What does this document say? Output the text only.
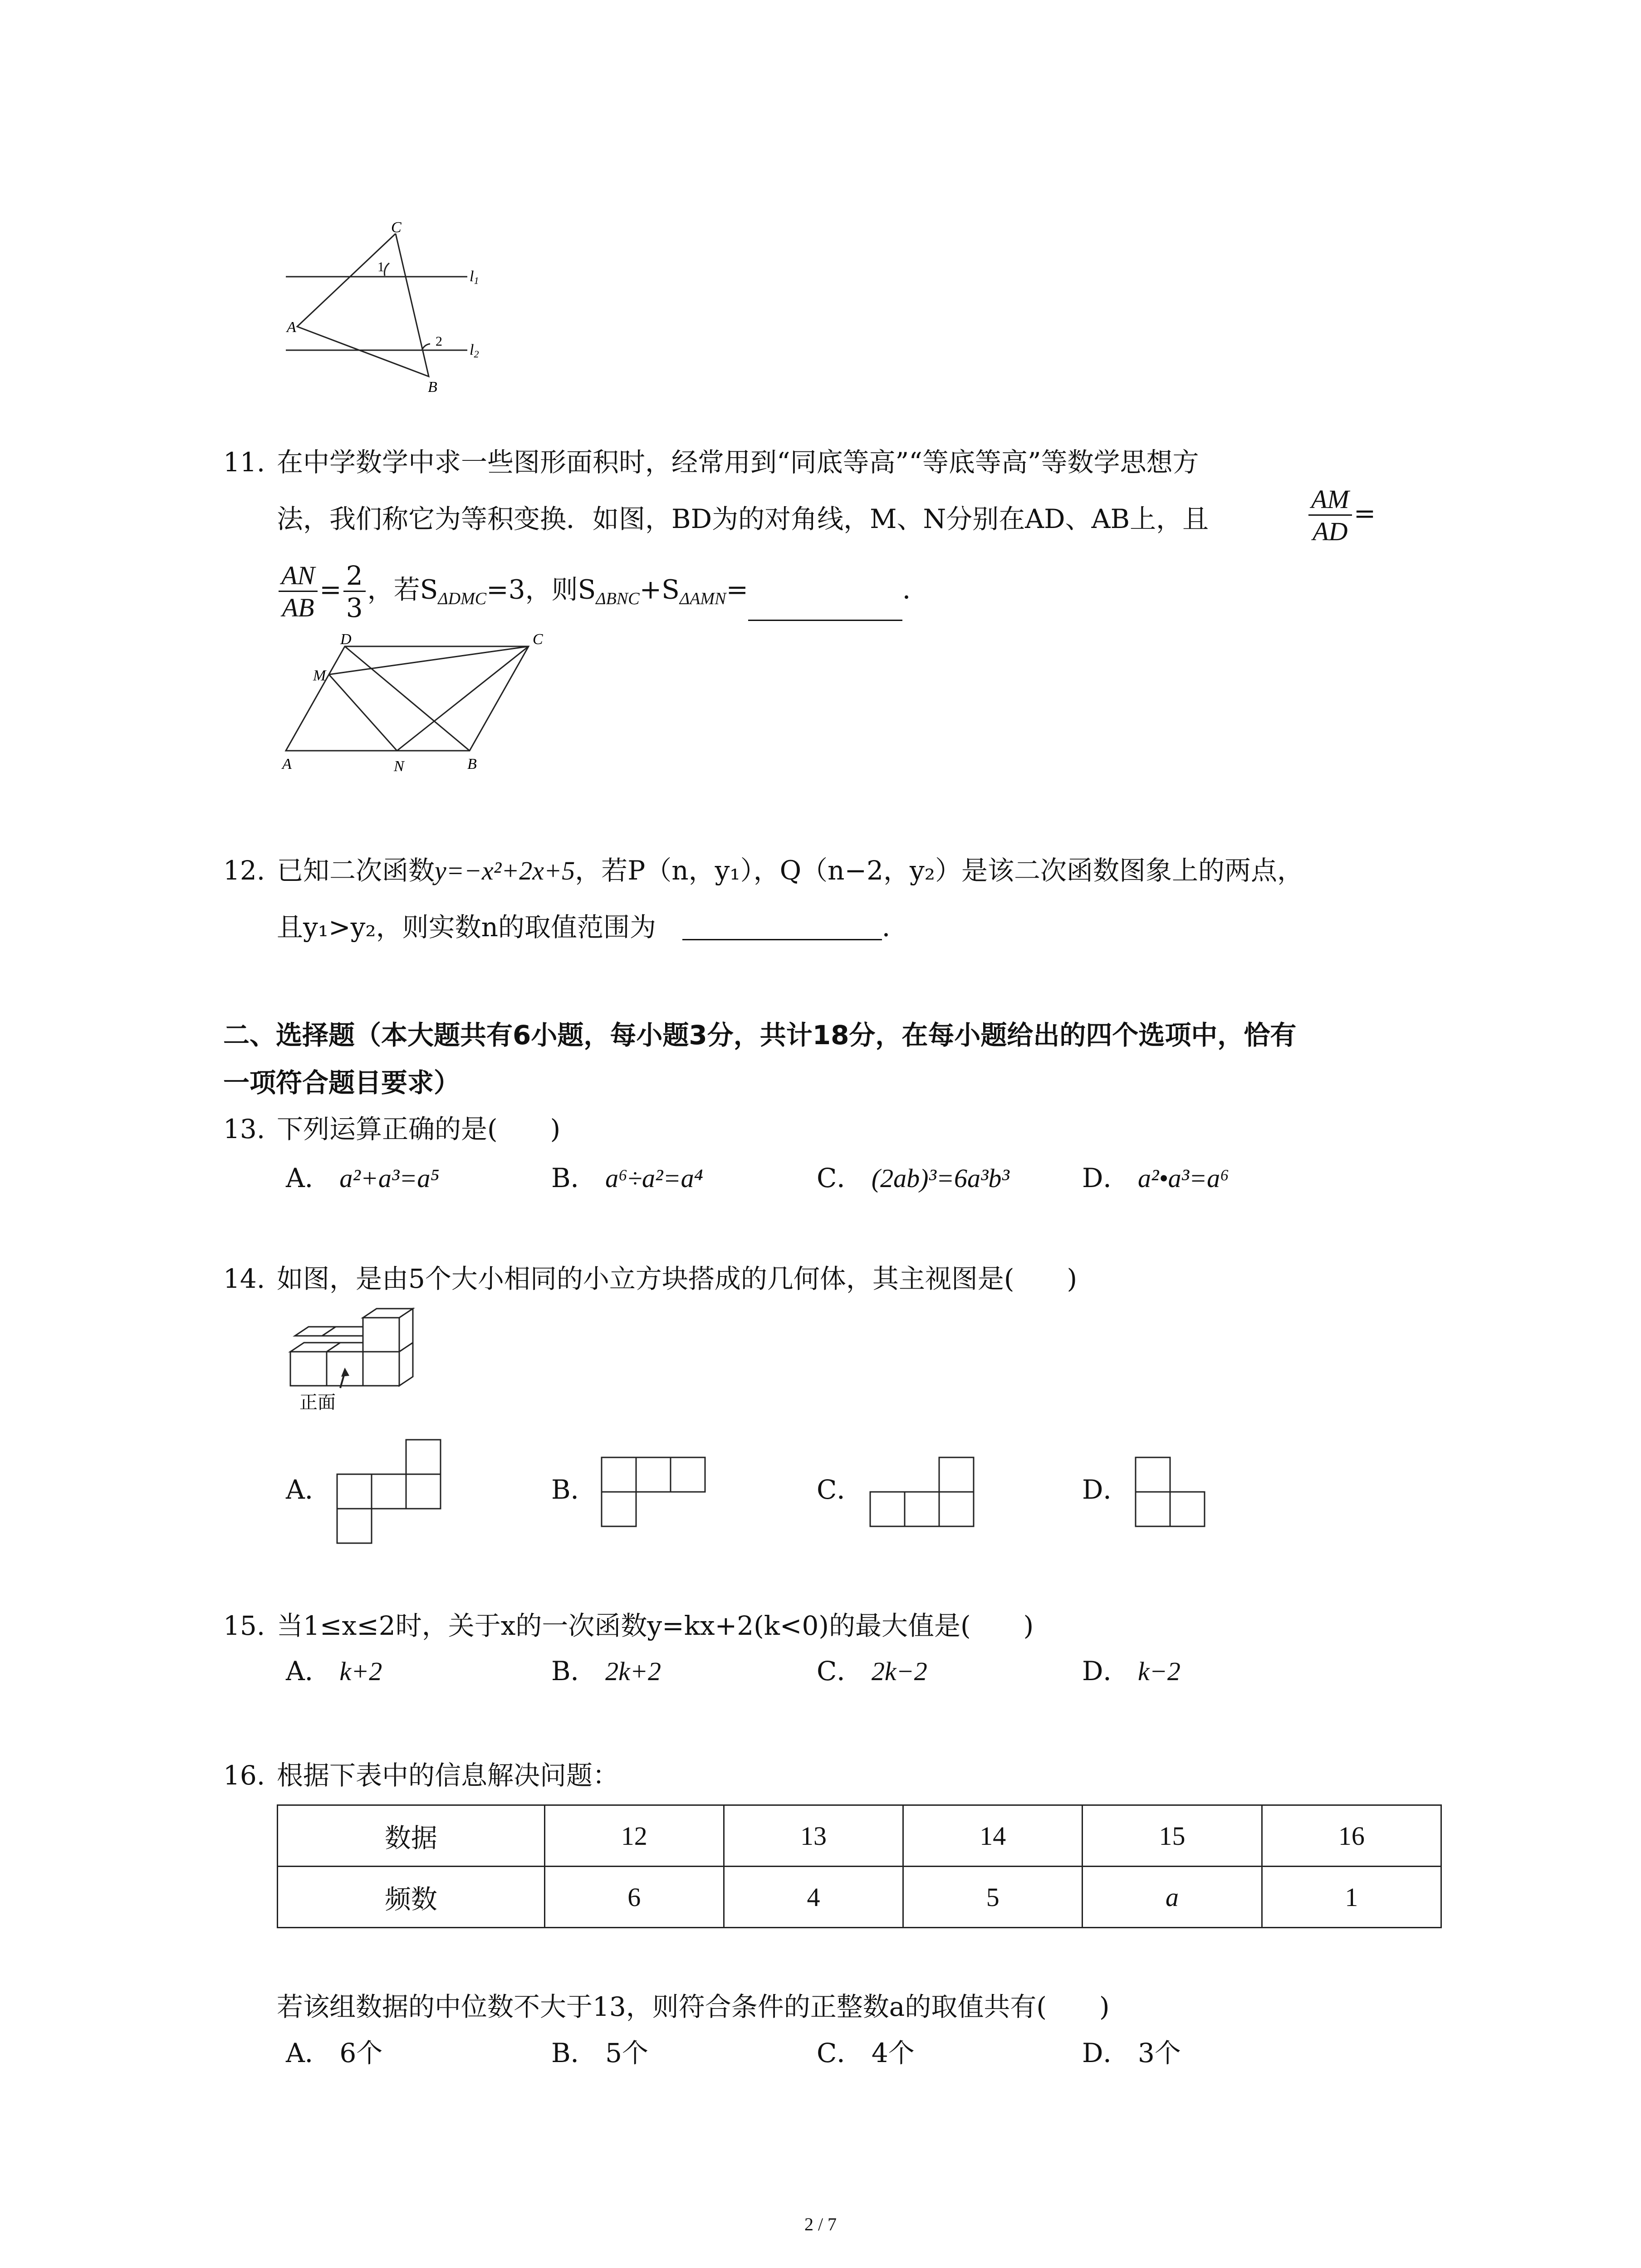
C
1
A
2
B
l1
l2
11. 在中学数学中求一些图形面积时，经常用到“同底等高”“等底等高”等数学思想方
法，我们称它为等积变换．如图，BD为的对角线，M、N分别在AD、AB上，且	$\frac{AM}{AD}$ =
$\frac{AN}{AB} = \frac{2}{3}$ ，若$S_{\Delta DMC}=3$，则$S_{\Delta BNC}+S_{\Delta AMN}=$	．
D	C
M
A	N	B
12. 已知二次函数y=−x²+2x+5，若P（n，y₁），Q（n−2，y₂）是该二次函数图象上的两点，
且y₁>y₂，则实数n的取值范围为　	．
二、选择题（本大题共有6小题，每小题3分，共计18分，在每小题给出的四个选项中，恰有
一项符合题目要求）
13. 下列运算正确的是(　　)
A． a²+a³=a⁵	B． a⁶÷a²=a⁴	C． (2ab)³=6a³b³	D． a²•a³=a⁶
14. 如图，是由5个大小相同的小立方块搭成的几何体，其主视图是(　　)
正面
A．	B．	C．	D．
15. 当1≤x≤2时，关于x的一次函数y=kx+2(k<0)的最大值是(　　)
A． k+2	B． 2k+2	C． 2k−2	D． k−2
16. 根据下表中的信息解决问题：
数据	12	13	14	15	16
频数	6	4	5	a	1
若该组数据的中位数不大于13，则符合条件的正整数a的取值共有(　　)
A． 6个	B． 5个	C． 4个	D． 3个
2 / 7
